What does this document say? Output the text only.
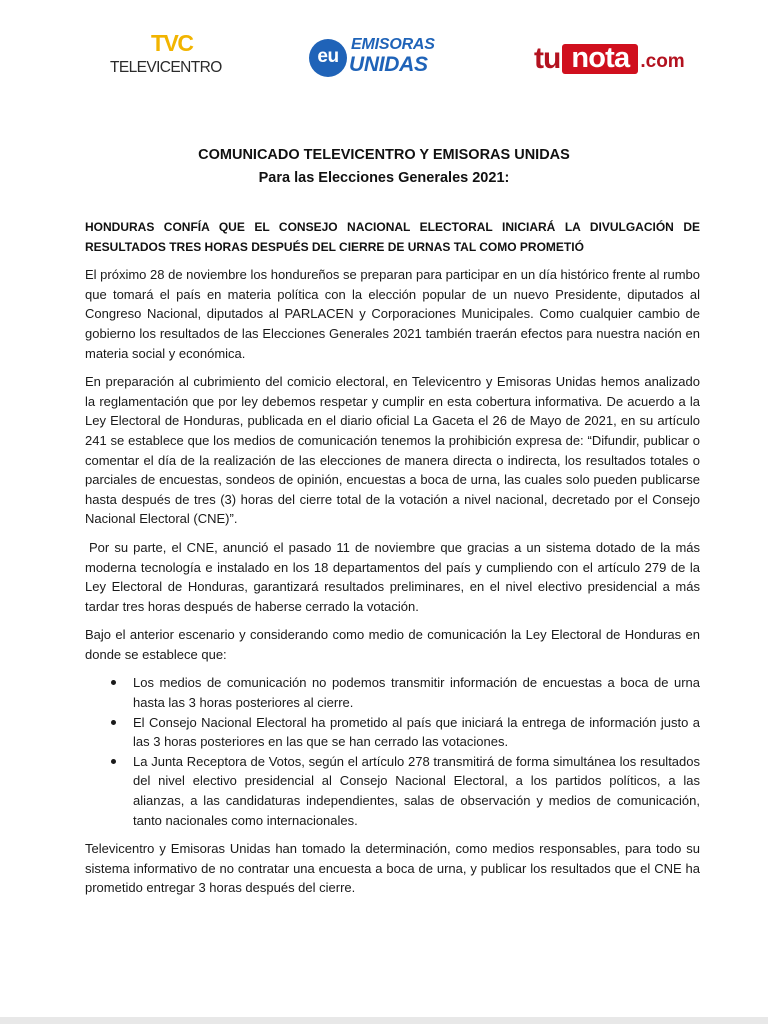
TVC
TELEVICENTRO
eu
EMISORAS
UNIDAS	tu nota .com
COMUNICADO TELEVICENTRO Y EMISORAS UNIDAS
Para las Elecciones Generales 2021:

HONDURAS CONFÍA QUE EL CONSEJO NACIONAL ELECTORAL INICIARÁ LA DIVULGACIÓN DE RESULTADOS TRES HORAS DESPUÉS DEL CIERRE DE URNAS TAL COMO PROMETIÓ

El próximo 28 de noviembre los hondureños se preparan para participar en un día histórico frente al rumbo que tomará el país en materia política con la elección popular de un nuevo Presidente, diputados al Congreso Nacional, diputados al PARLACEN y Corporaciones Municipales. Como cualquier cambio de gobierno los resultados de las Elecciones Generales 2021 también traerán efectos para nuestra nación en materia social y económica.

En preparación al cubrimiento del comicio electoral, en Televicentro y Emisoras Unidas hemos analizado la reglamentación que por ley debemos respetar y cumplir en esta cobertura informativa. De acuerdo a la Ley Electoral de Honduras, publicada en el diario oficial La Gaceta el 26 de Mayo de 2021, en su artículo 241 se establece que los medios de comunicación tenemos la prohibición expresa de: “Difundir, publicar o comentar el día de la realización de las elecciones de manera directa o indirecta, los resultados totales o parciales de encuestas, sondeos de opinión, encuestas a boca de urna, las cuales solo pueden publicarse hasta después de tres (3) horas del cierre total de la votación a nivel nacional, decretado por el Consejo Nacional Electoral (CNE)”.

Por su parte, el CNE, anunció el pasado 11 de noviembre que gracias a un sistema dotado de la más moderna tecnología e instalado en los 18 departamentos del país y cumpliendo con el artículo 279 de la Ley Electoral de Honduras, garantizará resultados preliminares, en el nivel electivo presidencial a más tardar tres horas después de haberse cerrado la votación.

Bajo el anterior escenario y considerando como medio de comunicación la Ley Electoral de Honduras en donde se establece que:

Los medios de comunicación no podemos transmitir información de encuestas a boca de urna hasta las 3 horas posteriores al cierre.
El Consejo Nacional Electoral ha prometido al país que iniciará la entrega de información justo a las 3 horas posteriores en las que se han cerrado las votaciones.
La Junta Receptora de Votos, según el artículo 278 transmitirá de forma simultánea los resultados del nivel electivo presidencial al Consejo Nacional Electoral, a los partidos políticos, a las alianzas, a las candidaturas independientes, salas de observación y medios de comunicación, tanto nacionales como internacionales.

Televicentro y Emisoras Unidas han tomado la determinación, como medios responsables, para todo su sistema informativo de no contratar una encuesta a boca de urna, y publicar los resultados que el CNE ha prometido entregar 3 horas después del cierre.
